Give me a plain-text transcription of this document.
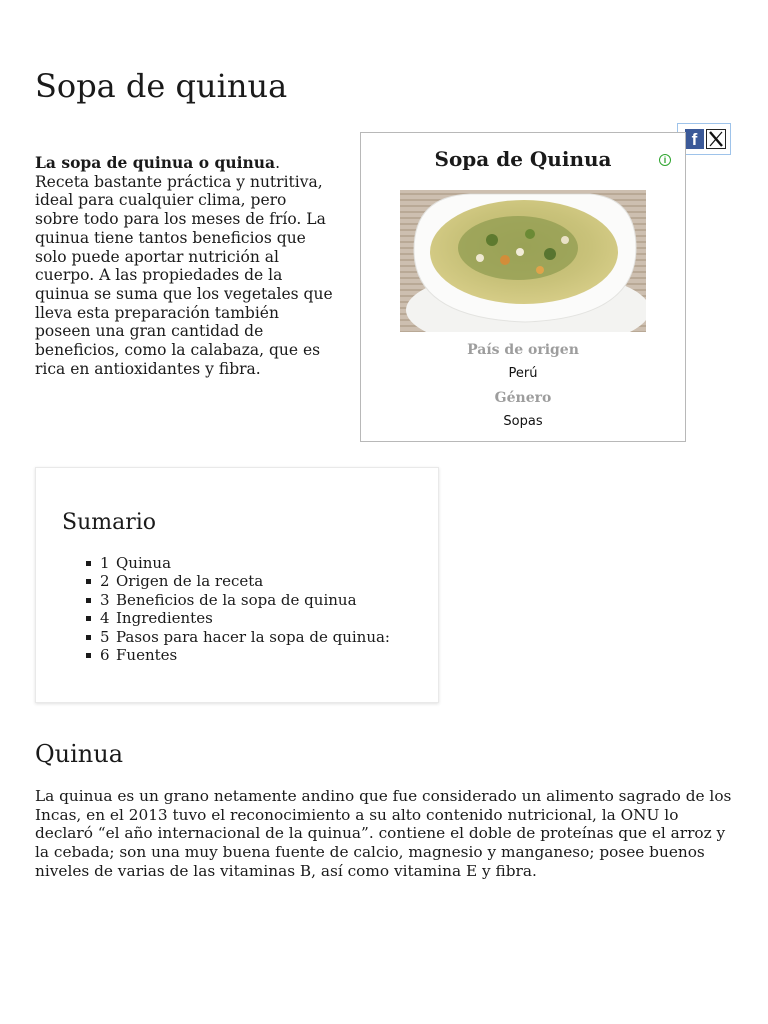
Sopa de quinua
f
La sopa de quinua o quinua. Receta bastante práctica y nutritiva, ideal para cualquier clima, pero sobre todo para los meses de frío. La quinua tiene tantos beneficios que solo puede aportar nutrición al cuerpo. A las propiedades de la quinua se suma que los vegetales que lleva esta preparación también poseen una gran cantidad de beneficios, como la calabaza, que es rica en antioxidantes y fibra.
Sopa de Quinua	i
País de origen
Perú
Género
Sopas
Sumario
1 Quinua
2 Origen de la receta
3 Beneficios de la sopa de quinua
4 Ingredientes
5 Pasos para hacer la sopa de quinua:
6 Fuentes
Quinua
La quinua es un grano netamente andino que fue considerado un alimento sagrado de los Incas, en el 2013 tuvo el reconocimiento a su alto contenido nutricional, la ONU lo declaró “el año internacional de la quinua”. contiene el doble de proteínas que el arroz y la cebada; son una muy buena fuente de calcio, magnesio y manganeso; posee buenos niveles de varias de las vitaminas B, así como vitamina E y fibra.
